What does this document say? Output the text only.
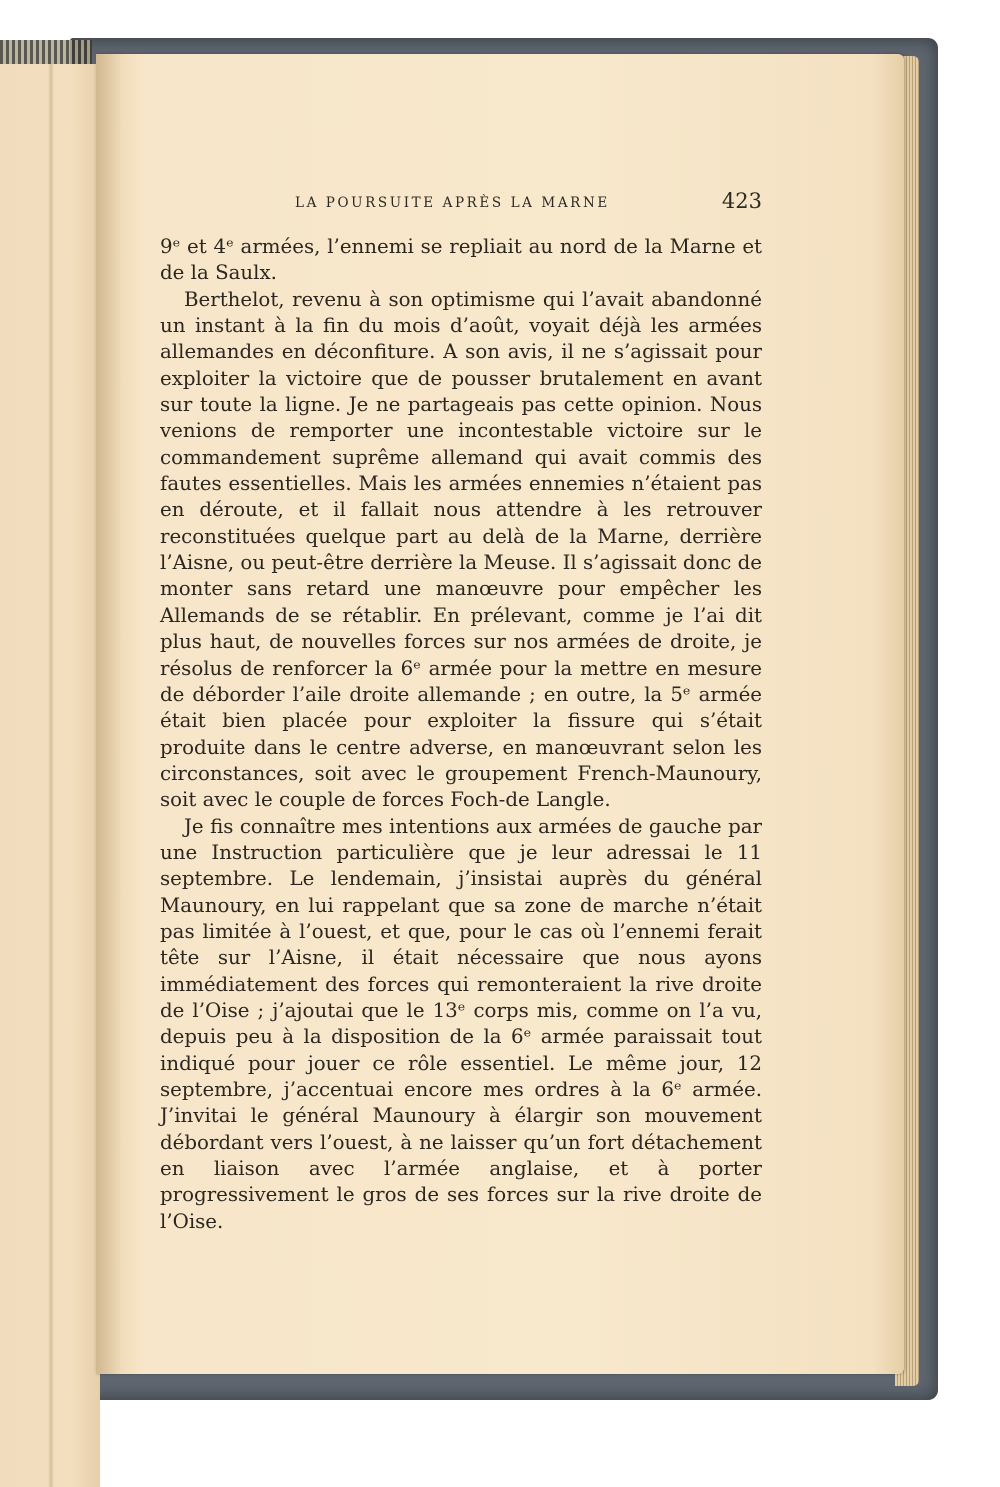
LA POURSUITE APRÈS LA MARNE	423

9ᵉ et 4ᵉ armées, l’ennemi se repliait au nord de la Marne et de la Saulx.

Berthelot, revenu à son optimisme qui l’avait abandonné un instant à la fin du mois d’août, voyait déjà les armées allemandes en déconfiture. A son avis, il ne s’agissait pour exploiter la victoire que de pousser brutalement en avant sur toute la ligne. Je ne partageais pas cette opinion. Nous venions de remporter une incontestable victoire sur le commandement suprême allemand qui avait commis des fautes essentielles. Mais les armées ennemies n’étaient pas en déroute, et il fallait nous attendre à les retrouver reconstituées quelque part au delà de la Marne, derrière l’Aisne, ou peut-être derrière la Meuse. Il s’agissait donc de monter sans retard une manœuvre pour empêcher les Allemands de se rétablir. En prélevant, comme je l’ai dit plus haut, de nouvelles forces sur nos armées de droite, je résolus de renforcer la 6ᵉ armée pour la mettre en mesure de déborder l’aile droite allemande ; en outre, la 5ᵉ armée était bien placée pour exploiter la fissure qui s’était produite dans le centre adverse, en manœuvrant selon les circonstances, soit avec le groupement French-Maunoury, soit avec le couple de forces Foch-de Langle.

Je fis connaître mes intentions aux armées de gauche par une Instruction particulière que je leur adressai le 11 septembre. Le lendemain, j’insistai auprès du général Maunoury, en lui rappelant que sa zone de marche n’était pas limitée à l’ouest, et que, pour le cas où l’ennemi ferait tête sur l’Aisne, il était nécessaire que nous ayons immédiatement des forces qui remonteraient la rive droite de l’Oise ; j’ajoutai que le 13ᵉ corps mis, comme on l’a vu, depuis peu à la disposition de la 6ᵉ armée paraissait tout indiqué pour jouer ce rôle essentiel. Le même jour, 12 septembre, j’accentuai encore mes ordres à la 6ᵉ armée. J’invitai le général Maunoury à élargir son mouvement débordant vers l’ouest, à ne laisser qu’un fort détachement en liaison avec l’armée anglaise, et à porter progressivement le gros de ses forces sur la rive droite de l’Oise.
